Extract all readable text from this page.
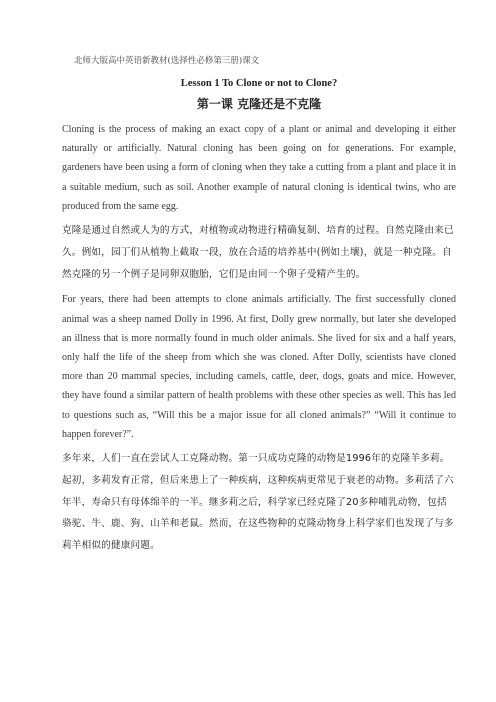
北师大版高中英语新教材(选择性必修第三册)课文
Lesson 1 To Clone or not to Clone?
第一课 克隆还是不克隆

Cloning is the process of making an exact copy of a plant or animal and developing it either naturally or artificially. Natural cloning has been going on for generations. For example, gardeners have been using a form of cloning when they take a cutting from a plant and place it in a suitable medium, such as soil. Another example of natural cloning is identical twins, who are produced from the same egg.

克隆是通过自然或人为的方式，对植物或动物进行精确复制、培育的过程。自然克隆由来已久。例如，园丁们从植物上截取一段，放在合适的培养基中(例如土壤)，就是一种克隆。自然克隆的另一个例子是同卵双胞胎，它们是由同一个卵子受精产生的。

For years, there had been attempts to clone animals artificially. The first successfully cloned animal was a sheep named Dolly in 1996. At first, Dolly grew normally, but later she developed an illness that is more normally found in much older animals. She lived for six and a half years, only half the life of the sheep from which she was cloned. After Dolly, scientists have cloned more than 20 mammal species, including camels, cattle, deer, dogs, goats and mice. However, they have found a similar pattern of health problems with these other species as well. This has led to questions such as, “Will this be a major issue for all cloned animals?” “Will it continue to happen forever?”.

多年来，人们一直在尝试人工克隆动物。第一只成功克隆的动物是1996年的克隆羊多莉。起初，多莉发育正常，但后来患上了一种疾病，这种疾病更常见于衰老的动物。多莉活了六年半，寿命只有母体绵羊的一半。继多莉之后，科学家已经克隆了20多种哺乳动物，包括骆驼、牛、鹿、狗、山羊和老鼠。然而，在这些物种的克隆动物身上科学家们也发现了与多莉羊相似的健康问题。
